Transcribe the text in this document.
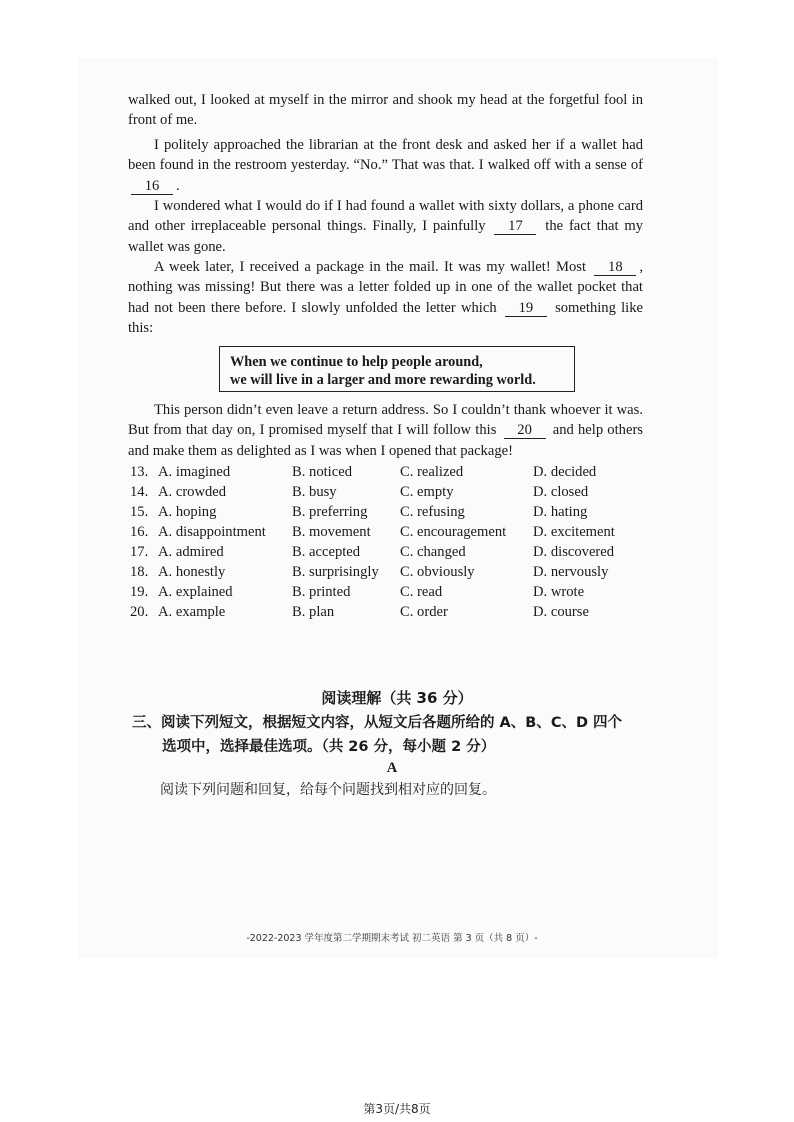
walked out, I looked at myself in the mirror and shook my head at the forgetful fool in front of me.

I politely approached the librarian at the front desk and asked her if a wallet had been found in the restroom yesterday. “No.” That was that. I walked off with a sense of 16 .

I wondered what I would do if I had found a wallet with sixty dollars, a phone card and other irreplaceable personal things. Finally, I painfully 17 the fact that my wallet was gone.

A week later, I received a package in the mail. It was my wallet! Most 18 , nothing was missing! But there was a letter folded up in one of the wallet pocket that had not been there before. I slowly unfolded the letter which 19 something like this:

When we continue to help people around,
we will live in a larger and more rewarding world.

This person didn’t even leave a return address. So I couldn’t thank whoever it was. But from that day on, I promised myself that I will follow this 20 and help others and make them as delighted as I was when I opened that package!

13. A. imagined	B. noticed	C. realized	D. decided
14. A. crowded	B. busy	C. empty	D. closed
15. A. hoping	B. preferring C. refusing	D. hating
16. A. disappointment B. movement C. encouragement D. excitement
17. A. admired	B. accepted	C. changed	D. discovered
18. A. honestly	B. surprisingly C. obviously	D. nervously
19. A. explained	B. printed	C. read	D. wrote
20. A. example	B. plan	C. order	D. course
阅读理解（共 36 分）
三、阅读下列短文，根据短文内容，从短文后各题所给的 A、B、C、D 四个
选项中，选择最佳选项。（共 26 分，每小题 2 分）
A
阅读下列问题和回复，给每个问题找到相对应的回复。
-2022-2023 学年度第二学期期末考试 初二英语 第 3 页（共 8 页）-
第3页/共8页
